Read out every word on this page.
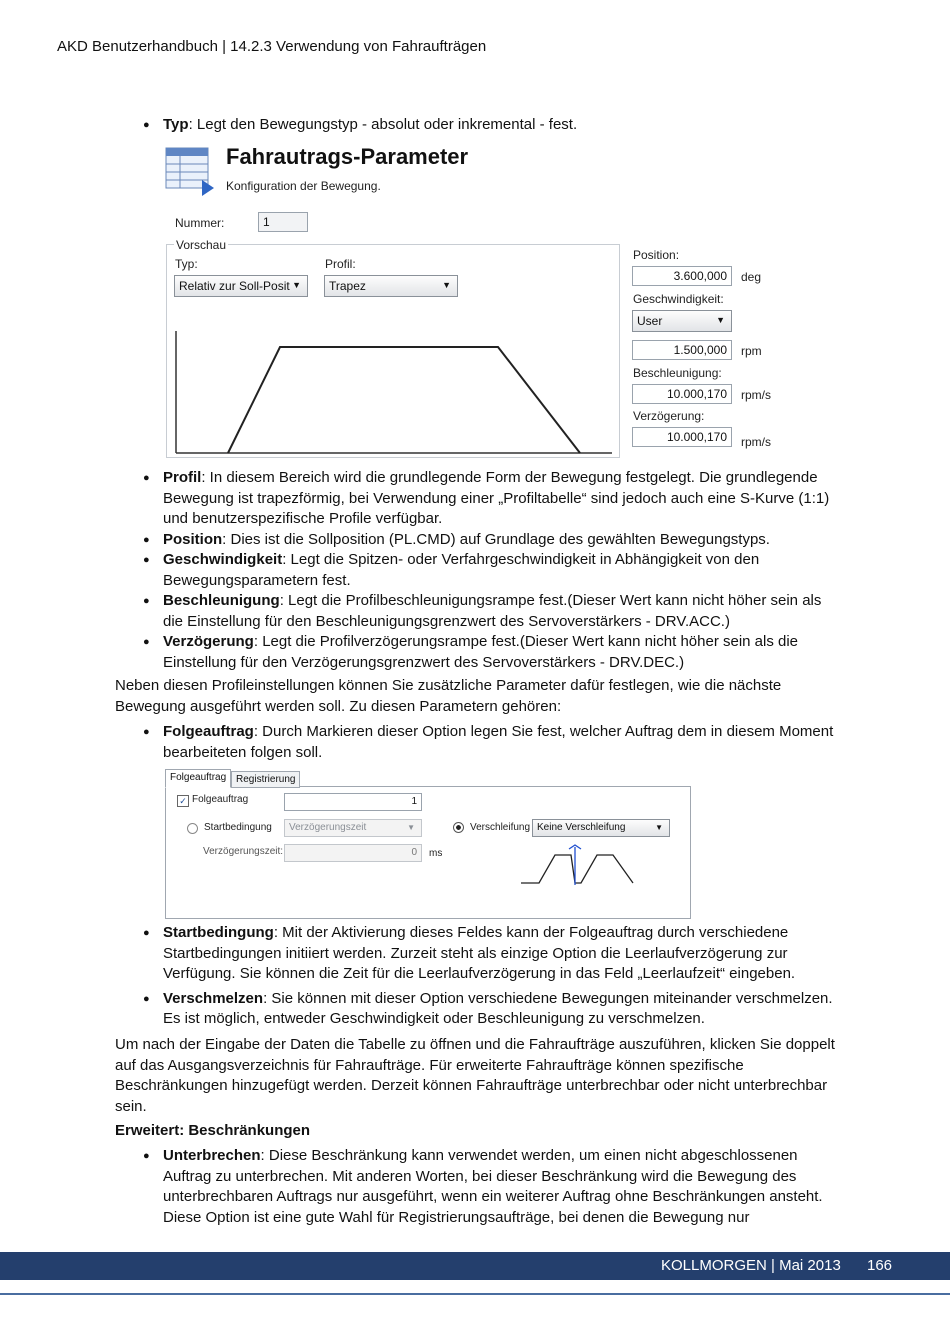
AKD Benutzerhandbuch | 14.2.3 Verwendung von Fahraufträgen
● Typ: Legt den Bewegungstyp - absolut oder inkremental - fest.
Fahrautrags-Parameter
Konfiguration der Bewegung.
Nummer:	1
Vorschau
Typ:
Relativ zur Soll-Posit ▼
Profil:
Trapez	▼
Position:
3.600,000	deg
Geschwindigkeit:
User	▼
1.500,000	rpm
Beschleunigung:
10.000,170	rpm/s
Verzögerung:
10.000,170	rpm/s
● Profil: In diesem Bereich wird die grundlegende Form der Bewegung festgelegt. Die grundlegende Bewegung ist trapezförmig, bei Verwendung einer „Profiltabelle“ sind jedoch auch eine S-Kurve (1:1) und benutzerspezifische Profile verfügbar.
● Position: Dies ist die Sollposition (PL.CMD) auf Grundlage des gewählten Bewegungstyps.
● Geschwindigkeit: Legt die Spitzen- oder Verfahrgeschwindigkeit in Abhängigkeit von den Bewegungsparametern fest.
● Beschleunigung: Legt die Profilbeschleunigungsrampe fest.(Dieser Wert kann nicht höher sein als die Einstellung für den Beschleunigungsgrenzwert des Servoverstärkers - DRV.ACC.)
● Verzögerung: Legt die Profilverzögerungsrampe fest.(Dieser Wert kann nicht höher sein als die Einstellung für den Verzögerungsgrenzwert des Servoverstärkers - DRV.DEC.)
Neben diesen Profileinstellungen können Sie zusätzliche Parameter dafür festlegen, wie die nächste Bewegung ausgeführt werden soll. Zu diesen Parametern gehören:
● Folgeauftrag: Durch Markieren dieser Option legen Sie fest, welcher Auftrag dem in diesem Moment bearbeiteten folgen soll.
Folgeauftrag Registrierung
✓ Folgeauftrag	1
Startbedingung	Verzögerungszeit	▼
Verzögerungszeit:	0	ms
Verschleifung Keine Verschleifung	▼
● Startbedingung: Mit der Aktivierung dieses Feldes kann der Folgeauftrag durch verschiedene Startbedingungen initiiert werden. Zurzeit steht als einzige Option die Leerlaufverzögerung zur Verfügung. Sie können die Zeit für die Leerlaufverzögerung in das Feld „Leerlaufzeit“ eingeben.
● Verschmelzen: Sie können mit dieser Option verschiedene Bewegungen miteinander verschmelzen. Es ist möglich, entweder Geschwindigkeit oder Beschleunigung zu verschmelzen.
Um nach der Eingabe der Daten die Tabelle zu öffnen und die Fahraufträge auszuführen, klicken Sie doppelt auf das Ausgangsverzeichnis für Fahraufträge. Für erweiterte Fahraufträge können spezifische Beschränkungen hinzugefügt werden. Derzeit können Fahraufträge unterbrechbar oder nicht unterbrechbar sein.
Erweitert: Beschränkungen
● Unterbrechen: Diese Beschränkung kann verwendet werden, um einen nicht abgeschlossenen Auftrag zu unterbrechen. Mit anderen Worten, bei dieser Beschränkung wird die Bewegung des unterbrechbaren Auftrags nur ausgeführt, wenn ein weiterer Auftrag ohne Beschränkungen ansteht. Diese Option ist eine gute Wahl für Registrierungsaufträge, bei denen die Bewegung nur
KOLLMORGEN | Mai 2013 166
